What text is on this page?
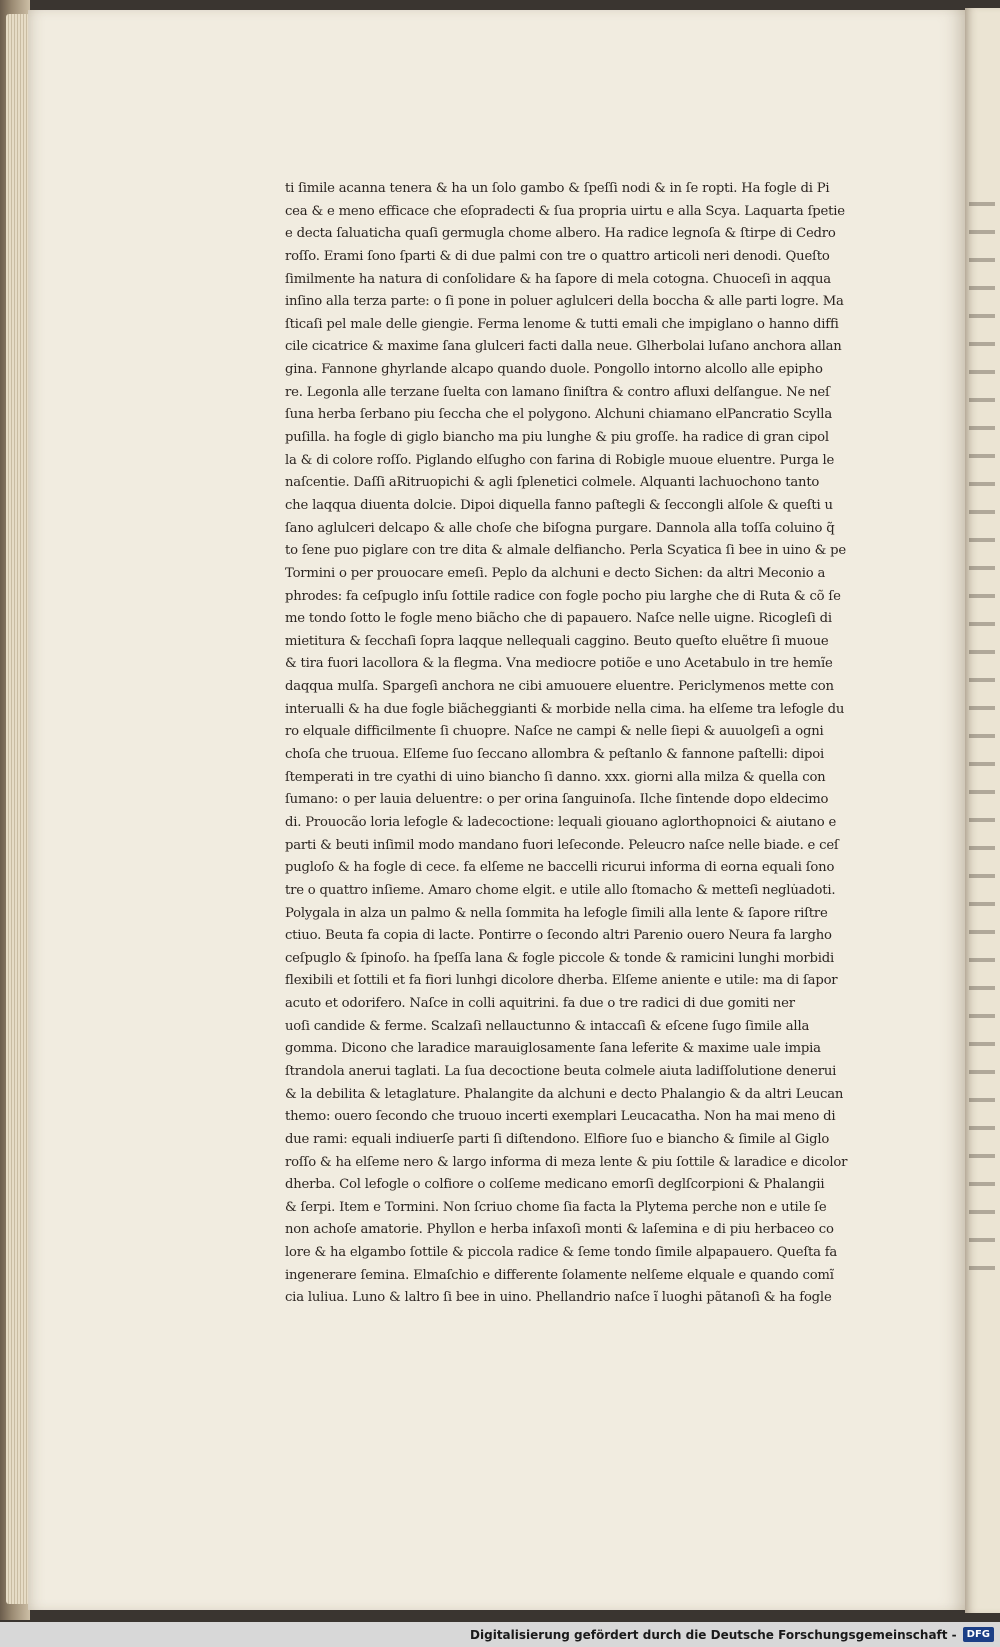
ti ſimile acanna tenera & ha un ſolo gambo & ſpeſſi nodi & in ſe ropti. Ha fogle di Pi
cea & e meno efficace che eſopradecti & ſua propria uirtu e alla Scya. Laquarta ſpetie
e decta ſaluaticha quaſi germugla chome albero. Ha radice legnoſa & ſtirpe di Cedro
roſſo. Erami ſono ſparti & di due palmi con tre o quattro articoli neri denodi. Queſto
ſimilmente ha natura di conſolidare & ha ſapore di mela cotogna. Chuoceſi in aqqua
inſino alla terza parte: o ſi pone in poluer aglulceri della boccha & alle parti logre. Ma
ſticaſi pel male delle giengie. Ferma lenome & tutti emali che impiglano o hanno diffi
cile cicatrice & maxime ſana glulceri facti dalla neue. Glherbolai luſano anchora allan
gina. Fannone ghyrlande alcapo quando duole. Pongollo intorno alcollo alle epipho
re. Legonla alle terzane ſuelta con lamano ſiniſtra & contro afluxi delſangue. Ne neſ
ſuna herba ſerbano piu ſeccha che el polygono. Alchuni chiamano elPancratio Scylla
puſilla. ha fogle di giglo biancho ma piu lunghe & piu groſſe. ha radice di gran cipol
la & di colore roſſo. Piglando elſugho con farina di Robigle muoue eluentre. Purga le
naſcentie. Daſſi aRitruopichi & agli ſplenetici colmele. Alquanti lachuochono tanto
che laqqua diuenta dolcie. Dipoi diquella fanno paſtegli & ſeccongli alſole & queſti u
ſano aglulceri delcapo & alle choſe che biſogna purgare. Dannola alla toſſa coluino q̃
to ſene puo piglare con tre dita & almale delfiancho. Perla Scyatica ſi bee in uino & pe
Tormini o per prouocare emeſi. Peplo da alchuni e decto Sichen: da altri Meconio a
phrodes: fa ceſpuglo inſu ſottile radice con fogle pocho piu larghe che di Ruta & cõ ſe
me tondo ſotto le fogle meno biãcho che di papauero. Naſce nelle uigne. Ricogleſi di
mietitura & ſecchaſi ſopra laqque nellequali caggino. Beuto queſto eluẽtre ſi muoue
& tira fuori lacollora & la flegma. Vna mediocre potiõe e uno Acetabulo in tre hemĩe
daqqua mulſa. Spargeſi anchora ne cibi amuouere eluentre. Periclymenos mette con
interualli & ha due fogle biãcheggianti & morbide nella cima. ha elſeme tra lefogle du
ro elquale difficilmente ſi chuopre. Naſce ne campi & nelle ſiepi & auuolgeſi a ogni
choſa che truoua. Elſeme ſuo ſeccano allombra & peſtanlo & fannone paſtelli: dipoi
ſtemperati in tre cyathi di uino biancho ſi danno. xxx. giorni alla milza & quella con
ſumano: o per lauia deluentre: o per orina ſanguinoſa. Ilche ſintende dopo eldecimo
di. Prouocão loria lefogle & ladecoctione: lequali giouano aglorthopnoici & aiutano e
parti & beuti inſimil modo mandano fuori leſeconde. Peleucro naſce nelle biade. e ceſ
pugloſo & ha fogle di cece. fa elſeme ne baccelli ricurui informa di eorna equali ſono
tre o quattro inſieme. Amaro chome elgit. e utile allo ſtomacho & metteſi neglu̇adoti.
Polygala in alza un palmo & nella ſommita ha lefogle ſimili alla lente & ſapore riſtre
ctiuo. Beuta fa copia di lacte. Pontirre o ſecondo altri Parenio ouero Neura fa largho
ceſpuglo & ſpinoſo. ha ſpeſſa lana & fogle piccole & tonde & ramicini lunghi morbidi
flexibili et ſottili et fa fiori lunhgi dicolore dherba. Elſeme aniente e utile: ma di ſapor
acuto et odorifero. Naſce in colli aquitrini. fa due o tre radici di due gomiti ner
uoſi candide & ferme. Scalzaſi nellauctunno & intaccaſi & eſcene ſugo ſimile alla
gomma. Dicono che laradice marauiglosamente ſana leferite & maxime uale impia
ſtrandola anerui taglati. La ſua decoctione beuta colmele aiuta ladiſſolutione denerui
& la debilita & letaglature. Phalangite da alchuni e decto Phalangio & da altri Leucan
themo: ouero ſecondo che truouo incerti exemplari Leucacatha. Non ha mai meno di
due rami: equali indiuerſe parti ſi diſtendono. Elfiore ſuo e biancho & ſimile al Giglo
roſſo & ha elſeme nero & largo informa di meza lente & piu ſottile & laradice e dicolor
dherba. Col lefogle o colfiore o colſeme medicano emorſi deglſcorpioni & Phalangii
& ſerpi. Item e Tormini. Non ſcriuo chome ſia facta la Plytema perche non e utile ſe
non achoſe amatorie. Phyllon e herba inſaxoſi monti & laſemina e di piu herbaceo co
lore & ha elgambo ſottile & piccola radice & ſeme tondo ſimile alpapauero. Queſta fa
ingenerare ſemina. Elmaſchio e differente ſolamente nelſeme elquale e quando comĩ
cia luliua. Luno & laltro ſi bee in uino. Phellandrio naſce ĩ luoghi pãtanoſi & ha fogle
Digitalisierung gefördert durch die Deutsche Forschungsgemeinschaft -	DFG
